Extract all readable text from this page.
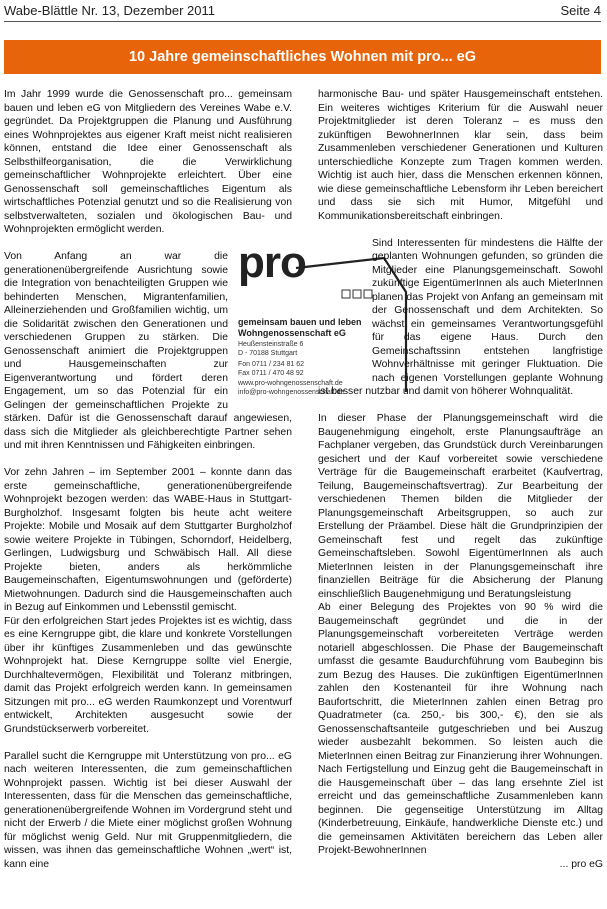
Wabe-Blättle Nr. 13, Dezember 2011	Seite 4
10 Jahre gemeinschaftliches Wohnen mit pro... eG

Im Jahr 1999 wurde die Genossenschaft pro... gemeinsam bauen und leben eG von Mitgliedern des Vereines Wabe e.V. gegründet. Da Projektgruppen die Planung und Ausführung eines Wohnprojektes aus eigener Kraft meist nicht realisieren können, entstand die Idee einer Genossenschaft als Selbsthilfeorganisation, die die Verwirklichung gemeinschaftlicher Wohnprojekte erleichtert. Über eine Genossenschaft soll gemeinschaftliches Eigentum als wirtschaftliches Potenzial genutzt und so die Realisierung von selbstverwalteten, sozialen und ökologischen Bau- und Wohnprojekten ermöglicht werden.

pro
gemeinsam bauen und leben
Wohngenossenschaft eG
Heußensteinstraße 6
D - 70188 Stuttgart
Fon 0711 / 234 81 62
Fax 0711 / 470 48 92
www.pro-wohngenossenschaft.de
info@pro-wohngenossenschaft.de
Von Anfang an war die generationenübergreifende Ausrichtung sowie die Integration von benachteiligten Gruppen wie behinderten Menschen, Migrantenfamilien, Alleinerziehenden und Großfamilien wichtig, um die Solidarität zwischen den Generationen und verschiedenen Gruppen zu stärken. Die Genossenschaft animiert die Projektgruppen und Hausgemeinschaften zur Eigenverantwortung und fördert deren Engagement, um so das Potenzial für ein Gelingen der gemeinschaftlichen Projekte zu stärken. Dafür ist die Genossenschaft darauf angewiesen, dass sich die Mitglieder als gleichberechtigte Partner sehen und mit ihren Kenntnissen und Fähigkeiten einbringen.

Vor zehn Jahren – im September 2001 – konnte dann das erste gemeinschaftliche, generationenübergreifende Wohnprojekt bezogen werden: das WABE-Haus in Stuttgart-Burgholzhof. Insgesamt folgten bis heute acht weitere Projekte: Mobile und Mosaik auf dem Stuttgarter Burgholzhof sowie weitere Projekte in Tübingen, Schorndorf, Heidelberg, Gerlingen, Ludwigsburg und Schwäbisch Hall. All diese Projekte bieten, anders als herkömmliche Baugemeinschaften, Eigentumswohnungen und (geförderte) Mietwohnungen. Dadurch sind die Hausgemeinschaften auch in Bezug auf Einkommen und Lebensstil gemischt.

Für den erfolgreichen Start jedes Projektes ist es wichtig, dass es eine Kerngruppe gibt, die klare und konkrete Vorstellungen über ihr künftiges Zusammenleben und das gewünschte Wohnprojekt hat. Diese Kerngruppe sollte viel Energie, Durchhaltevermögen, Flexibilität und Toleranz mitbringen, damit das Projekt erfolgreich werden kann. In gemeinsamen Sitzungen mit pro... eG werden Raumkonzept und Vorentwurf entwickelt, Architekten ausgesucht sowie der Grundstückserwerb vorbereitet.

Parallel sucht die Kerngruppe mit Unterstützung von pro... eG nach weiteren Interessenten, die zum gemeinschaftlichen Wohnprojekt passen. Wichtig ist bei dieser Auswahl der Interessenten, dass für die Menschen das gemeinschaftliche, generationenübergreifende Wohnen im Vordergrund steht und nicht der Erwerb / die Miete einer möglichst großen Wohnung für möglichst wenig Geld. Nur mit Gruppenmitgliedern, die wissen, was ihnen das gemeinschaftliche Wohnen „wert“ ist, kann eine

harmonische Bau- und später Hausgemeinschaft entstehen. Ein weiteres wichtiges Kriterium für die Auswahl neuer Projektmitglieder ist deren Toleranz – es muss den zukünftigen BewohnerInnen klar sein, dass beim Zusammenleben verschiedener Generationen und Kulturen unterschiedliche Konzepte zum Tragen kommen werden. Wichtig ist auch hier, dass die Menschen erkennen können, wie diese gemeinschaftliche Lebensform ihr Leben bereichert und dass sie sich mit Humor, Mitgefühl und Kommunikationsbereitschaft einbringen.

Sind Interessenten für mindestens die Hälfte der geplanten Wohnungen gefunden, so gründen die Mitglieder eine Planungsgemeinschaft. Sowohl zukünftige EigentümerInnen als auch MieterInnen planen das Projekt von Anfang an gemeinsam mit der Genossenschaft und dem Architekten. So wächst ein gemeinsames Verantwortungsgefühl für das eigene Haus. Durch den Gemeinschaftssinn entstehen langfristige Wohnverhältnisse mit geringer Fluktuation. Die nach eigenen Vorstellungen geplante Wohnung ist besser nutzbar und damit von höherer Wohnqualität.

In dieser Phase der Planungsgemeinschaft wird die Baugenehmigung eingeholt, erste Planungsaufträge an Fachplaner vergeben, das Grundstück durch Vereinbarungen gesichert und der Kauf vorbereitet sowie verschiedene Verträge für die Baugemeinschaft erarbeitet (Kaufvertrag, Teilung, Baugemeinschaftsvertrag). Zur Bearbeitung der verschiedenen Themen bilden die Mitglieder der Planungsgemeinschaft Arbeitsgruppen, so auch zur Erstellung der Präambel. Diese hält die Grundprinzipien der Gemeinschaft fest und regelt das zukünftige Gemeinschaftsleben. Sowohl EigentümerInnen als auch MieterInnen leisten in der Planungsgemeinschaft ihre finanziellen Beiträge für die Absicherung der Planung einschließlich Baugenehmigung und Beratungsleistung

Ab einer Belegung des Projektes von 90 % wird die Baugemeinschaft gegründet und die in der Planungsgemeinschaft vorbereiteten Verträge werden notariell abgeschlossen. Die Phase der Baugemeinschaft umfasst die gesamte Baudurchführung vom Baubeginn bis zum Bezug des Hauses. Die zukünftigen EigentümerInnen zahlen den Kostenanteil für ihre Wohnung nach Baufortschritt, die MieterInnen zahlen einen Betrag pro Quadratmeter (ca. 250,- bis 300,- €), den sie als Genossenschaftsanteile gutgeschrieben und bei Auszug wieder ausbezahlt bekommen. So leisten auch die MieterInnen einen Beitrag zur Finanzierung ihrer Wohnungen.

Nach Fertigstellung und Einzug geht die Baugemeinschaft in die Hausgemeinschaft über – das lang ersehnte Ziel ist erreicht und das gemeinschaftliche Zusammenleben kann beginnen. Die gegenseitige Unterstützung im Alltag (Kinderbetreuung, Einkäufe, handwerkliche Dienste etc.) und die gemeinsamen Aktivitäten bereichern das Leben aller Projekt-BewohnerInnen

... pro eG
